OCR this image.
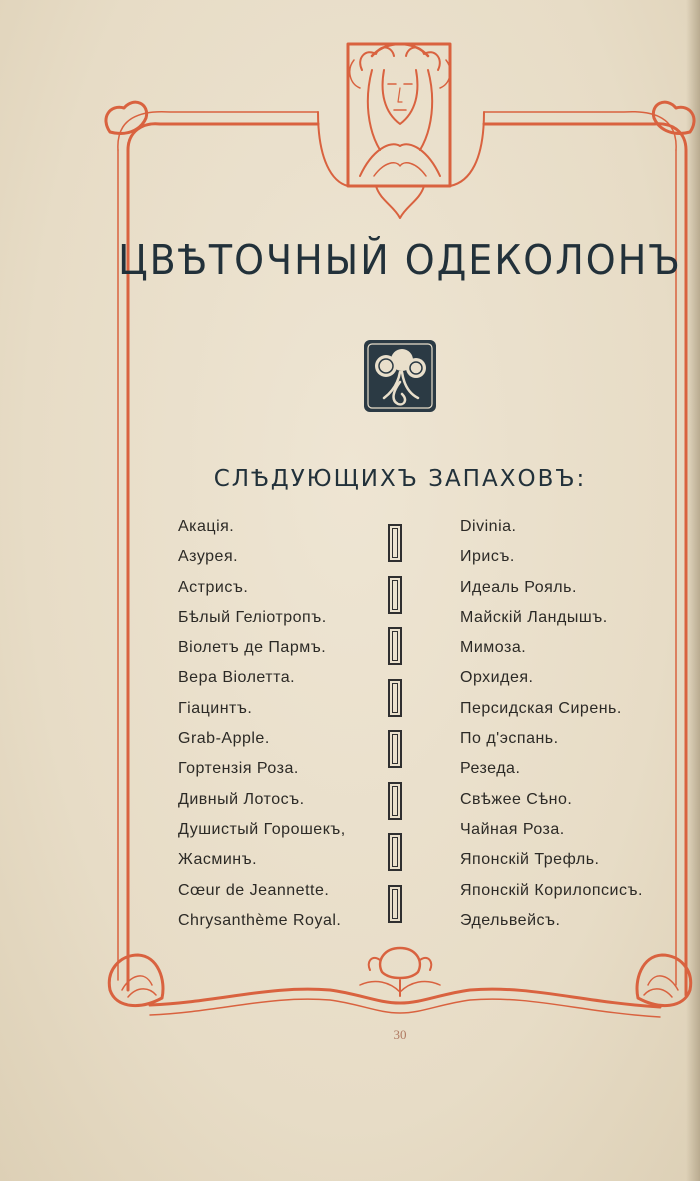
ЦВѢТОЧНЫЙ ОДЕКОЛОНЪ
СЛѢДУЮЩИХЪ ЗАПАХОВЪ:
Акація.
Азурея.
Астрисъ.
Бѣлый Геліотропъ.
Віолетъ де Пармъ.
Вера Віолетта.
Гіацинтъ.
Grab-Apple.
Гортензія Роза.
Дивный Лотосъ.
Душистый Горошекъ,
Жасминъ.
Cœur de Jeannette.
Chrysanthème Royal.
Divinia.
Ирисъ.
Идеаль Рояль.
Майскій Ландышъ.
Мимоза.
Орхидея.
Персидская Сирень.
По д'эспань.
Резеда.
Свѣжее Сѣно.
Чайная Роза.
Японскій Трефль.
Японскій Корилопсисъ.
Эдельвейсъ.
30
